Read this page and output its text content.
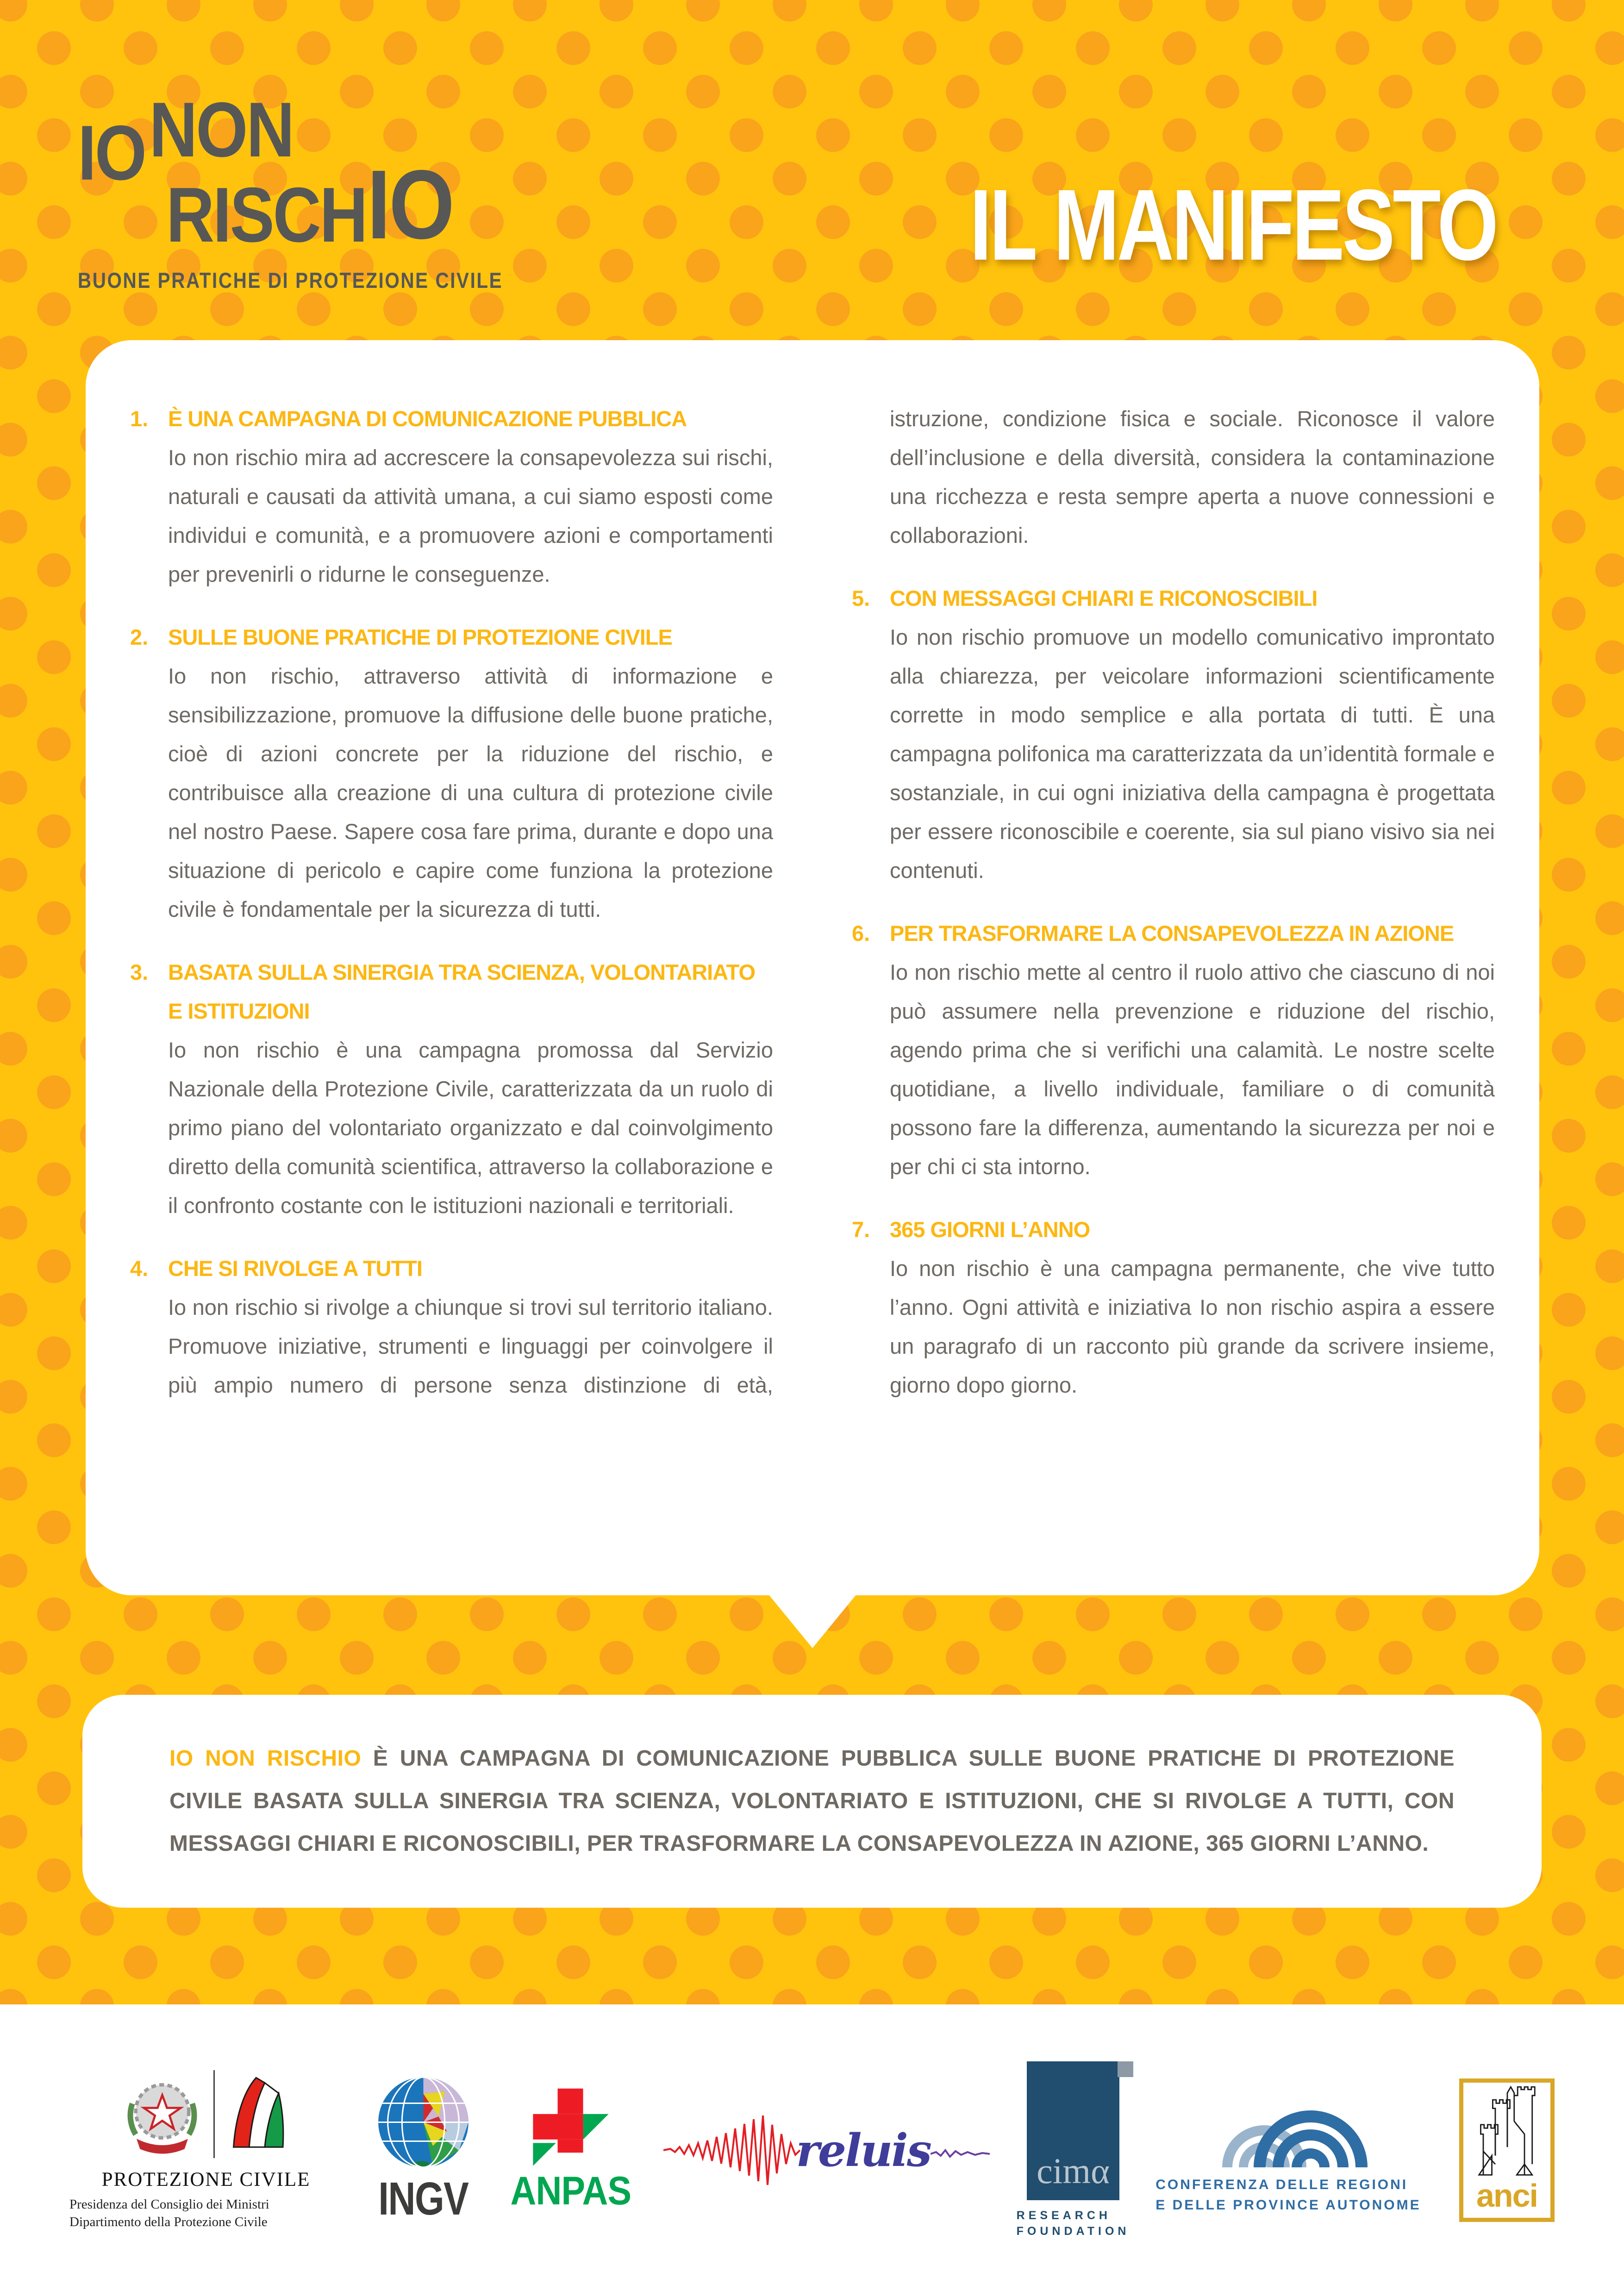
IO NON
RISCH IO
BUONE PRATICHE DI PROTEZIONE CIVILE	IL MANIFESTO
1. È UNA CAMPAGNA DI COMUNICAZIONE PUBBLICA
Io non rischio mira ad accrescere la consapevolezza sui rischi, naturali e causati da attività umana, a cui siamo esposti come individui e comunità, e a promuovere azioni e comportamenti per prevenirli o ridurne le conseguenze.
2. SULLE BUONE PRATICHE DI PROTEZIONE CIVILE
Io non rischio, attraverso attività di informazione e sensibilizzazione, promuove la diffusione delle buone pratiche, cioè di azioni concrete per la riduzione del rischio, e contribuisce alla creazione di una cultura di protezione civile nel nostro Paese. Sapere cosa fare prima, durante e dopo una situazione di pericolo e capire come funziona la protezione civile è fondamentale per la sicurezza di tutti.
3. BASATA SULLA SINERGIA TRA SCIENZA, VOLONTARIATO E ISTITUZIONI
Io non rischio è una campagna promossa dal Servizio Nazionale della Protezione Civile, caratterizzata da un ruolo di primo piano del volontariato organizzato e dal coinvolgimento diretto della comunità scientifica, attraverso la collaborazione e il confronto costante con le istituzioni nazionali e territoriali.
4. CHE SI RIVOLGE A TUTTI
Io non rischio si rivolge a chiunque si trovi sul territorio italiano. Promuove iniziative, strumenti e linguaggi per coinvolgere il più ampio numero di persone senza distinzione di età, istruzione, condizione fisica e sociale. Riconosce il valore dell’inclusione e della diversità, considera la contaminazione una ricchezza e resta sempre aperta a nuove connessioni e collaborazioni.
5. CON MESSAGGI CHIARI E RICONOSCIBILI
Io non rischio promuove un modello comunicativo improntato alla chiarezza, per veicolare informazioni scientificamente corrette in modo semplice e alla portata di tutti. È una campagna polifonica ma caratterizzata da un’identità formale e sostanziale, in cui ogni iniziativa della campagna è progettata per essere riconoscibile e coerente, sia sul piano visivo sia nei contenuti.
6. PER TRASFORMARE LA CONSAPEVOLEZZA IN AZIONE
Io non rischio mette al centro il ruolo attivo che ciascuno di noi può assumere nella prevenzione e riduzione del rischio, agendo prima che si verifichi una calamità. Le nostre scelte quotidiane, a livello individuale, familiare o di comunità possono fare la differenza, aumentando la sicurezza per noi e per chi ci sta intorno.
7. 365 GIORNI L’ANNO
Io non rischio è una campagna permanente, che vive tutto l’anno. Ogni attività e iniziativa Io non rischio aspira a essere un paragrafo di un racconto più grande da scrivere insieme, giorno dopo giorno.

IO NON RISCHIO È UNA CAMPAGNA DI COMUNICAZIONE PUBBLICA SULLE BUONE PRATICHE DI PROTEZIONE CIVILE BASATA SULLA SINERGIA TRA SCIENZA, VOLONTARIATO E ISTITUZIONI, CHE SI RIVOLGE A TUTTI, CON MESSAGGI CHIARI E RICONOSCIBILI, PER TRASFORMARE LA CONSAPEVOLEZZA IN AZIONE, 365 GIORNI L’ANNO.

PROTEZIONE CIVILE
Presidenza del Consiglio dei Ministri
Dipartimento della Protezione Civile	INGV ANPAS
reluis	cimα
RESEARCH
FOUNDATION
CONFERENZA DELLE REGIONI
E DELLE PROVINCE AUTONOME	anci
